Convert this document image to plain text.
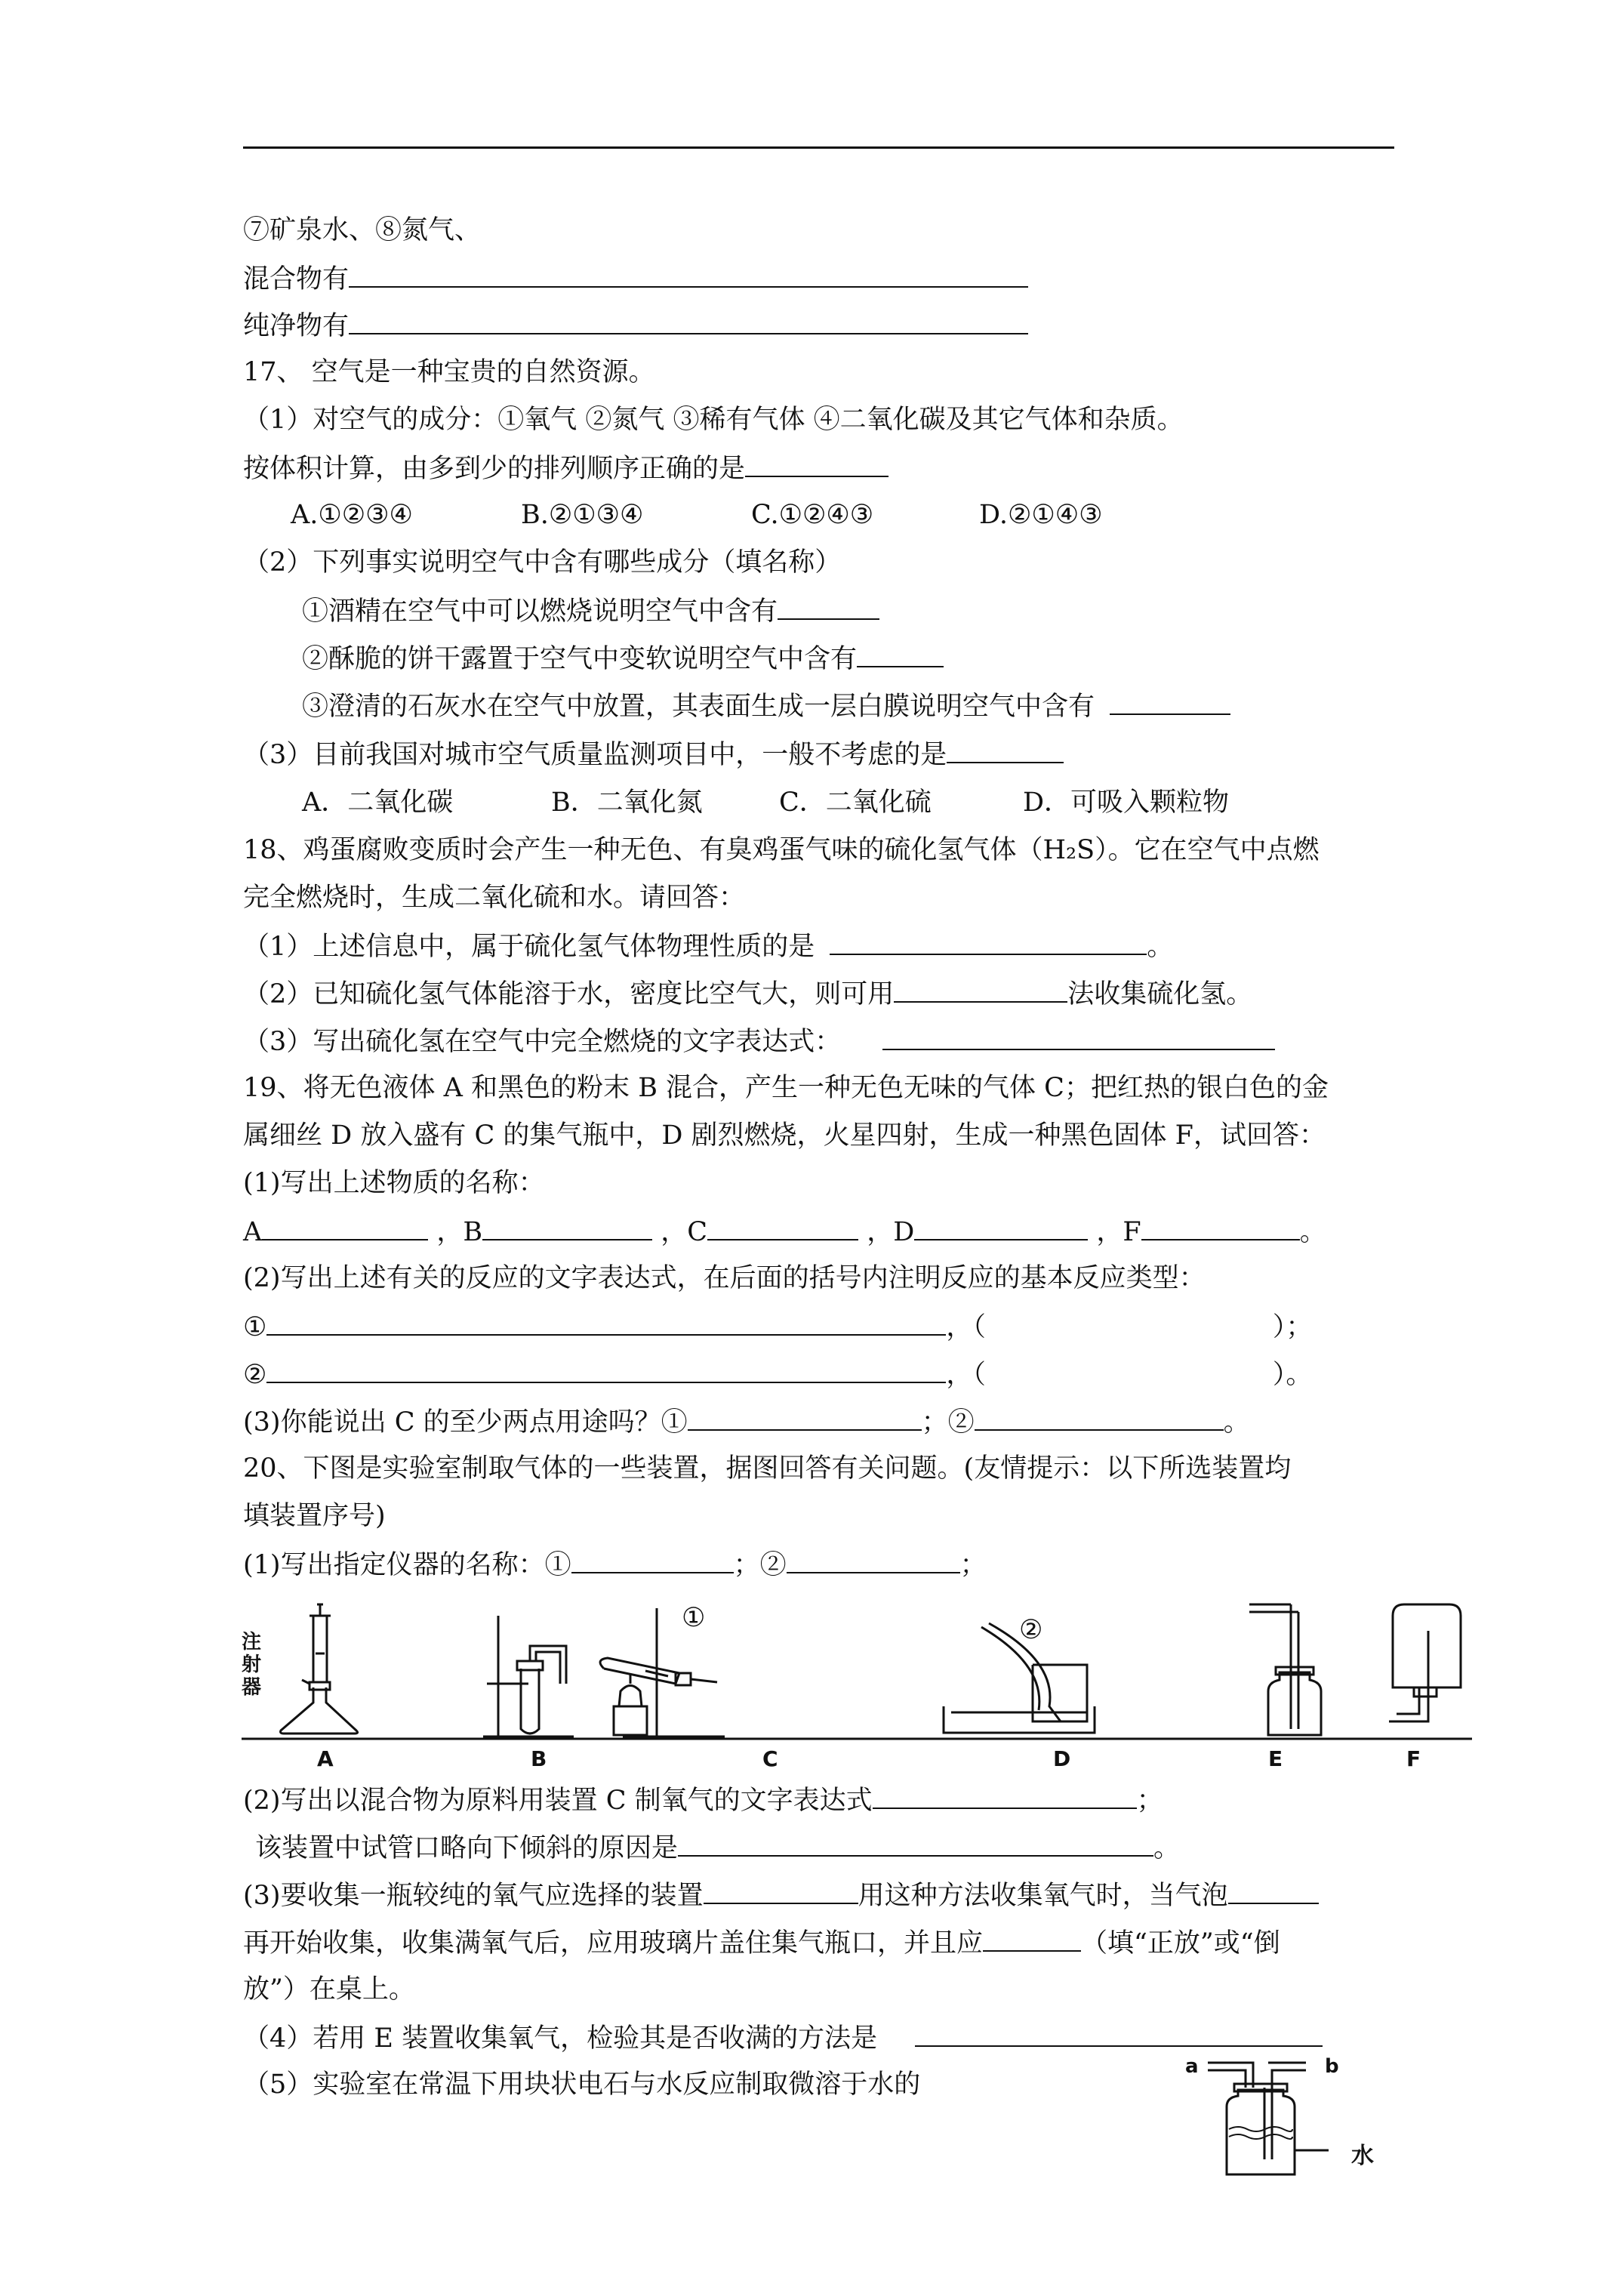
⑦矿泉水、⑧氮气、
混合物有
纯净物有
17、 空气是一种宝贵的自然资源。
（1）对空气的成分：①氧气 ②氮气 ③稀有气体 ④二氧化碳及其它气体和杂质。
按体积计算，由多到少的排列顺序正确的是
A.①②③④	B.②①③④	C.①②④③	D.②①④③
（2）下列事实说明空气中含有哪些成分（填名称）
①酒精在空气中可以燃烧说明空气中含有
②酥脆的饼干露置于空气中变软说明空气中含有
③澄清的石灰水在空气中放置，其表面生成一层白膜说明空气中含有
（3）目前我国对城市空气质量监测项目中，一般不考虑的是
A．二氧化碳	B．二氧化氮	C．二氧化硫	D．可吸入颗粒物
18、鸡蛋腐败变质时会产生一种无色、有臭鸡蛋气味的硫化氢气体（H₂S）。它在空气中点燃
完全燃烧时，生成二氧化硫和水。请回答：
（1）上述信息中，属于硫化氢气体物理性质的是	。
（2）已知硫化氢气体能溶于水，密度比空气大，则可用	法收集硫化氢。
（3）写出硫化氢在空气中完全燃烧的文字表达式：
19、将无色液体 A 和黑色的粉末 B 混合，产生一种无色无味的气体 C；把红热的银白色的金
属细丝 D 放入盛有 C 的集气瓶中，D 剧烈燃烧，火星四射，生成一种黑色固体 F，试回答：
(1)写出上述物质的名称：
A	，B	，C	，D	，F	。
(2)写出上述有关的反应的文字表达式，在后面的括号内注明反应的基本反应类型：
①	，（	）；
②	，（	）。
(3)你能说出 C 的至少两点用途吗？①	；②	。
20、下图是实验室制取气体的一些装置，据图回答有关问题。(友情提示：以下所选装置均
填装置序号)
(1)写出指定仪器的名称：①	；②	；
注射器
①	②
A	B	C	D	E	F
(2)写出以混合物为原料用装置 C 制氧气的文字表达式	；
该装置中试管口略向下倾斜的原因是	。
(3)要收集一瓶较纯的氧气应选择的装置	用这种方法收集氧气时，当气泡
再开始收集，收集满氧气后，应用玻璃片盖住集气瓶口，并且应	（填“正放”或“倒
放”）在桌上。
（4）若用 E 装置收集氧气，检验其是否收满的方法是
（5）实验室在常温下用块状电石与水反应制取微溶于水的
a	b
水
